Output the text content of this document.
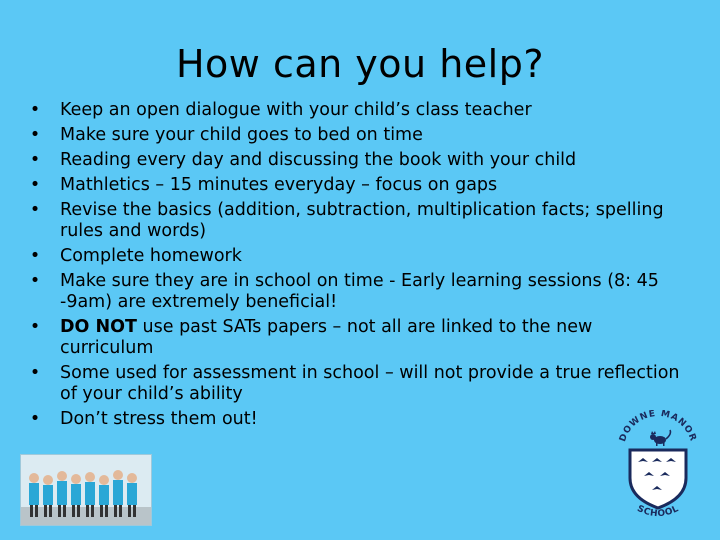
How can you help?
• Keep an open dialogue with your child’s class teacher
• Make sure your child goes to bed on time
• Reading every day and discussing the book with your child
• Mathletics – 15 minutes everyday – focus on gaps
• Revise the basics (addition, subtraction, multiplication facts; spelling rules and words)
• Complete homework
• Make sure they are in school on time - Early learning sessions (8: 45 -9am) are extremely beneficial!
• DO NOT use past SATs papers – not all are linked to the new curriculum
• Some used for assessment in school – will not provide a true reflection of your child’s ability
• Don’t stress them out!
DOWNE MANOR
SCHOOL
